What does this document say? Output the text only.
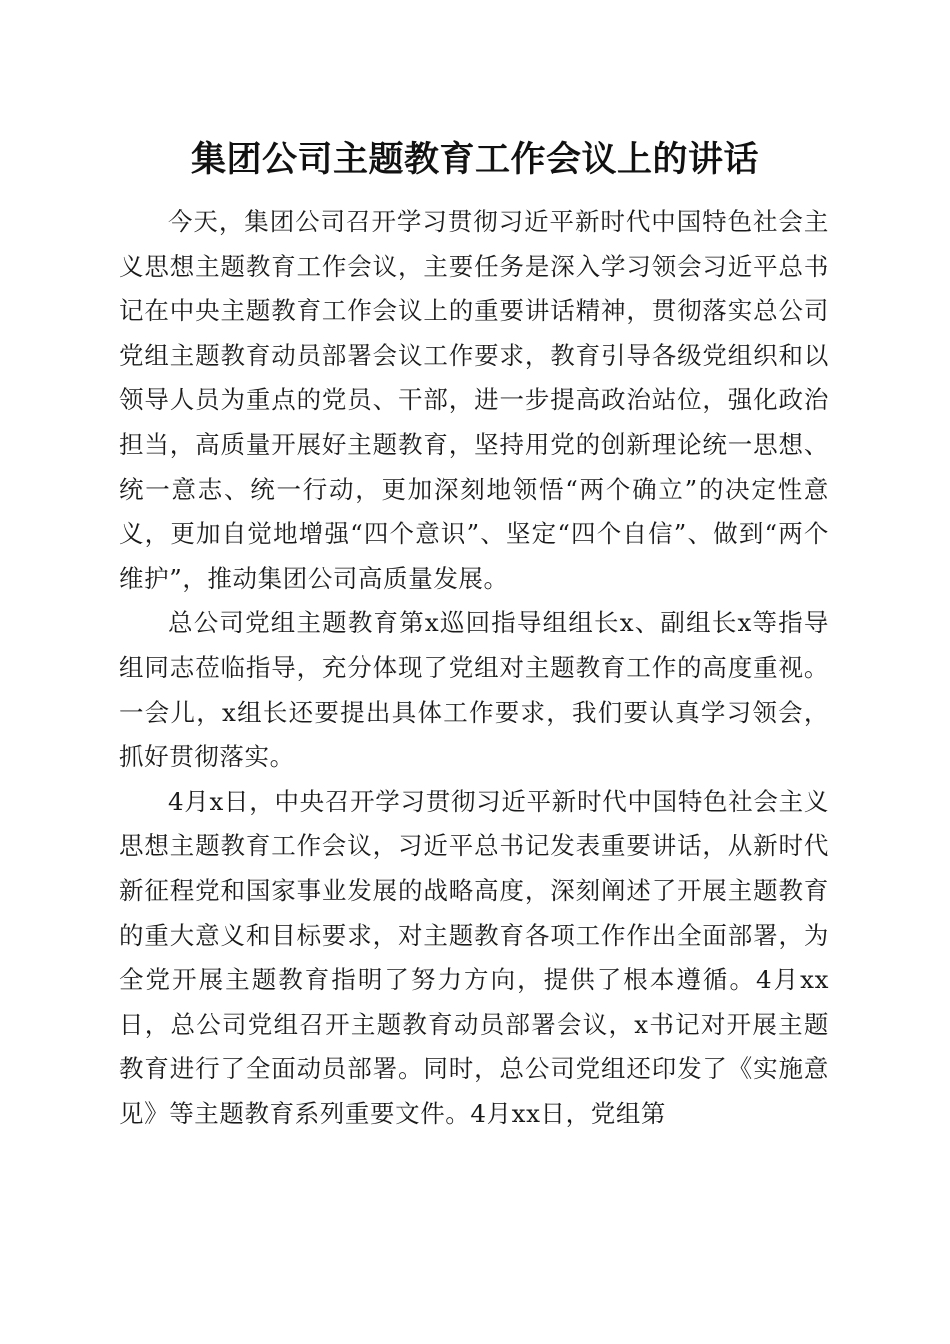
集团公司主题教育工作会议上的讲话

今天，集团公司召开学习贯彻习近平新时代中国特色社会主义思想主题教育工作会议，主要任务是深入学习领会习近平总书记在中央主题教育工作会议上的重要讲话精神，贯彻落实总公司党组主题教育动员部署会议工作要求，教育引导各级党组织和以领导人员为重点的党员、干部，进一步提高政治站位，强化政治担当，高质量开展好主题教育，坚持用党的创新理论统一思想、统一意志、统一行动，更加深刻地领悟“两个确立”的决定性意义，更加自觉地增强“四个意识”、坚定“四个自信”、做到“两个维护”，推动集团公司高质量发展。

总公司党组主题教育第x巡回指导组组长x、副组长x等指导组同志莅临指导，充分体现了党组对主题教育工作的高度重视。一会儿，x组长还要提出具体工作要求，我们要认真学习领会，抓好贯彻落实。

4月x日，中央召开学习贯彻习近平新时代中国特色社会主义思想主题教育工作会议，习近平总书记发表重要讲话，从新时代新征程党和国家事业发展的战略高度，深刻阐述了开展主题教育的重大意义和目标要求，对主题教育各项工作作出全面部署，为全党开展主题教育指明了努力方向，提供了根本遵循。4月xx日，总公司党组召开主题教育动员部署会议，x书记对开展主题教育进行了全面动员部署。同时，总公司党组还印发了《实施意见》等主题教育系列重要文件。4月xx日，党组第
